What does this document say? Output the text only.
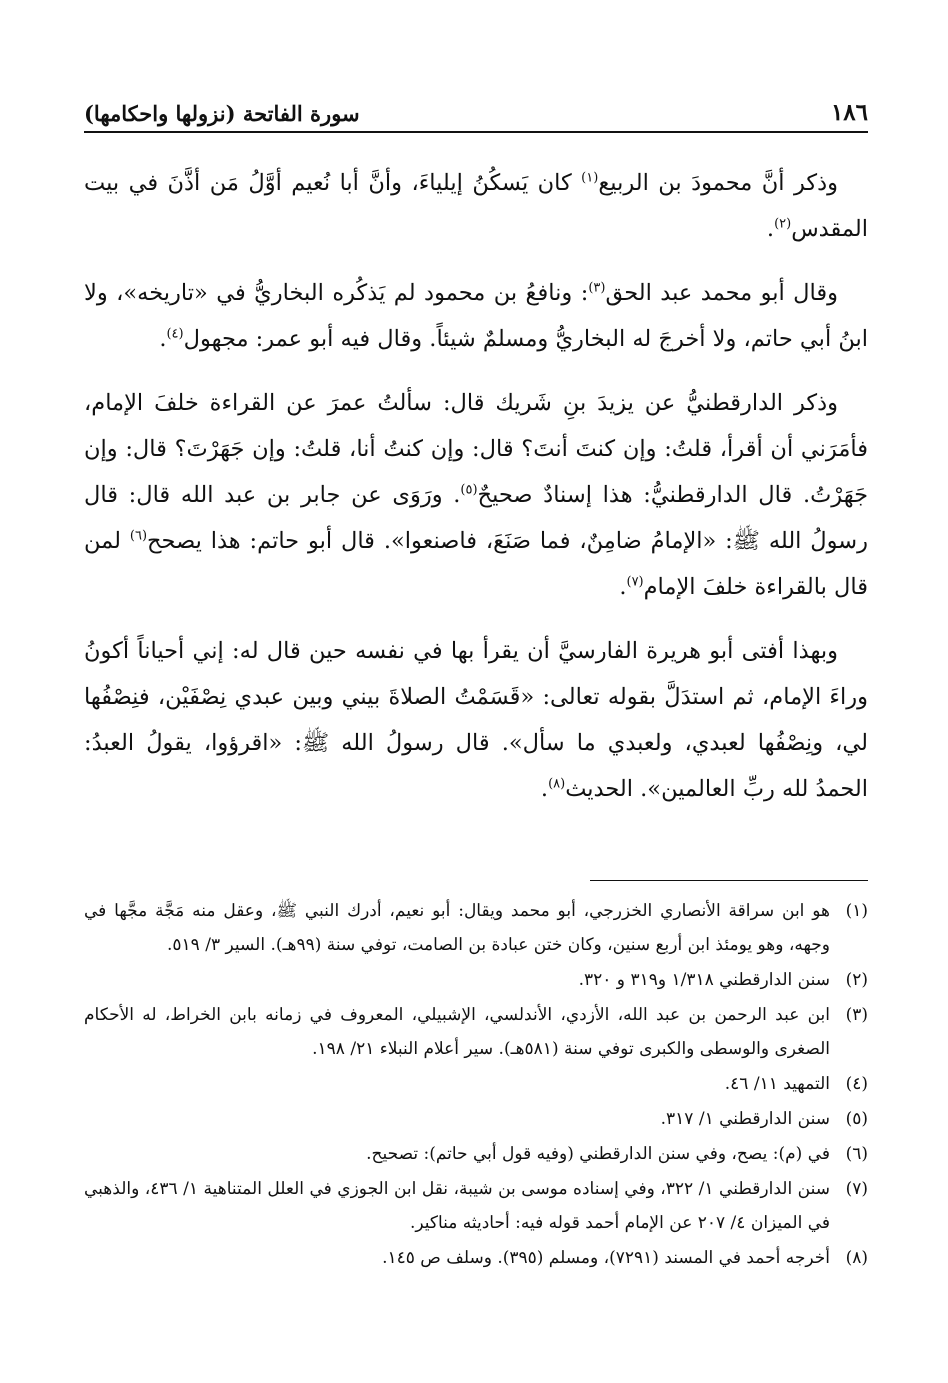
١٨٦
سورة الفاتحة (نزولها واحكامها)

وذكر أنَّ محمودَ بن الربيع$^{(١)}$ كان يَسكُنُ إيلياءَ، وأنَّ أبا نُعيم أوَّلُ مَن أذَّنَ في بيت المقدس$^{(٢)}$.

وقال أبو محمد عبد الحق$^{(٣)}$: ونافعُ بن محمود لم يَذكُره البخاريُّ في «تاريخه»، ولا ابنُ أبي حاتم، ولا أخرجَ له البخاريُّ ومسلمٌ شيئاً. وقال فيه أبو عمر: مجهول$^{(٤)}$.

وذكر الدارقطنيُّ عن يزيدَ بنِ شَريك قال: سألتُ عمرَ عن القراءة خلفَ الإمام، فأمَرَني أن أقرأ، قلتُ: وإن كنتَ أنتَ؟ قال: وإن كنتُ أنا، قلتُ: وإن جَهَرْتَ؟ قال: وإن جَهَرْتُ. قال الدارقطنيُّ: هذا إسنادٌ صحيحٌ$^{(٥)}$. ورَوَى عن جابر بن عبد الله قال: قال رسولُ الله ﷺ: «الإمامُ ضامِنٌ، فما صَنَعَ، فاصنعوا». قال أبو حاتم: هذا يصحح$^{(٦)}$ لمن قال بالقراءة خلفَ الإمام$^{(٧)}$.

وبهذا أفتى أبو هريرة الفارسيَّ أن يقرأ بها في نفسه حين قال له: إني أحياناً أكونُ وراءَ الإمام، ثم استدَلَّ بقوله تعالى: «قَسَمْتُ الصلاةَ بيني وبين عبدي نِصْفَيْن، فنِصْفُها لي، ونِصْفُها لعبدي، ولعبدي ما سأل». قال رسولُ الله ﷺ: «اقرؤوا، يقولُ العبدُ: الحمدُ لله ربِّ العالمين». الحديث$^{(٨)}$.

(١)
هو ابن سراقة الأنصاري الخزرجي، أبو محمد ويقال: أبو نعيم، أدرك النبي ﷺ، وعقل منه مَجَّة مجَّها في وجهه، وهو يومئذ ابن أربع سنين، وكان ختن عبادة بن الصامت، توفي سنة (٩٩هـ). السير ٣/ ٥١٩.
(٢)
سنن الدارقطني ١/٣١٨ و٣١٩ و ٣٢٠.
(٣)
ابن عبد الرحمن بن عبد الله، الأزدي، الأندلسي، الإشبيلي، المعروف في زمانه بابن الخراط، له الأحكام الصغرى والوسطى والكبرى توفي سنة (٥٨١هـ). سير أعلام النبلاء ٢١/ ١٩٨.
(٤)
التمهيد ١١/ ٤٦.
(٥)
سنن الدارقطني ١/ ٣١٧.
(٦)
في (م): يصح، وفي سنن الدارقطني (وفيه قول أبي حاتم): تصحيح.
(٧)
سنن الدارقطني ١/ ٣٢٢، وفي إسناده موسى بن شيبة، نقل ابن الجوزي في العلل المتناهية ١/ ٤٣٦، والذهبي في الميزان ٤/ ٢٠٧ عن الإمام أحمد قوله فيه: أحاديثه مناكير.
(٨)
أخرجه أحمد في المسند (٧٢٩١)، ومسلم (٣٩٥). وسلف ص ١٤٥.
